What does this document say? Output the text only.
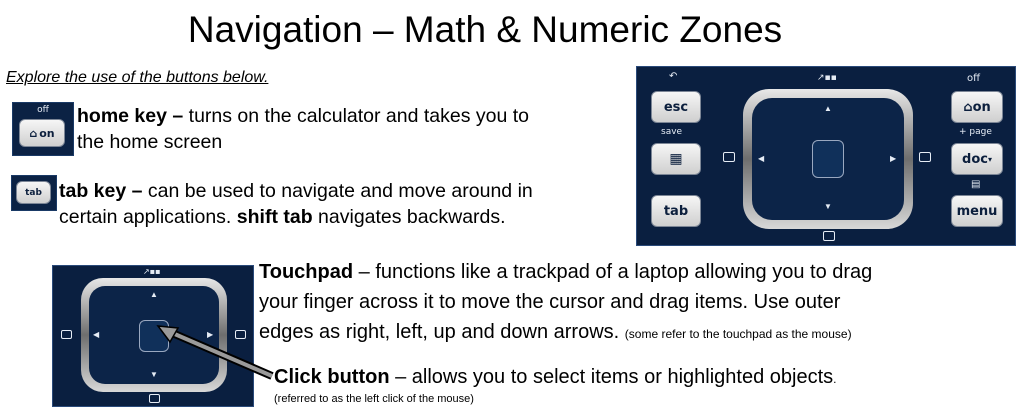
Navigation – Math & Numeric Zones
Explore the use of the buttons below.
off
⌂ on
home key – turns on the calculator and takes you to
the home screen
tab tab key – can be used to navigate and move around in
certain applications. shift tab navigates backwards.
↶
esc
save
▦
tab
↗▪▪
▲
▼
◀	▶
off
⌂ on
+ page
doc ▾
▤
menu
↗▪▪
▲
▼
◀	▶
Touchpad – functions like a trackpad of a laptop allowing you to drag
your finger across it to move the cursor and drag items. Use outer
edges as right, left, up and down arrows. (some refer to the touchpad as the mouse)
Click button – allows you to select items or highlighted objects.
(referred to as the left click of the mouse)
